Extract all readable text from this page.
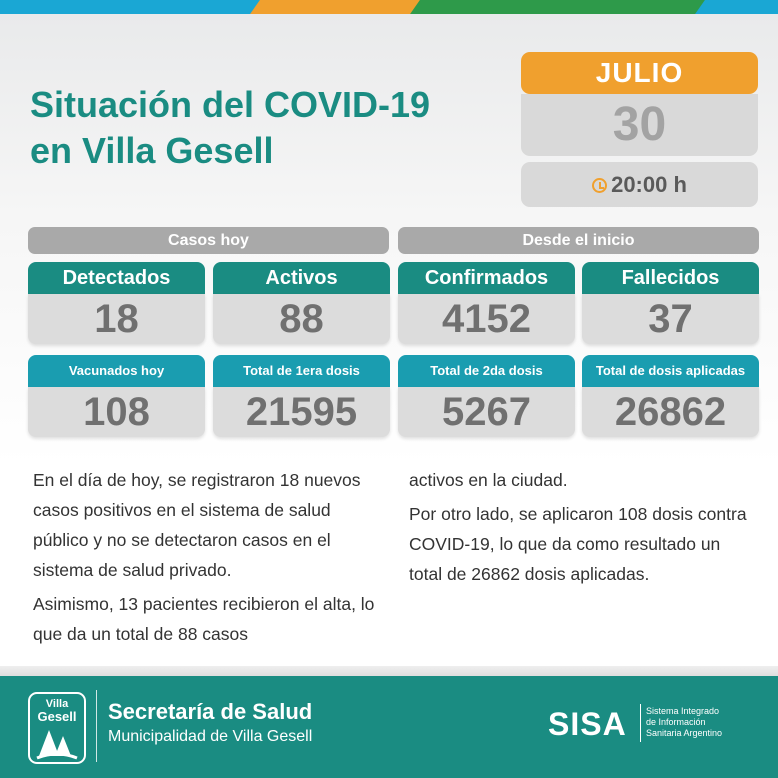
Situación del COVID-19
en Villa Gesell
JULIO
30
20:00 h
Casos hoy	Desde el inicio
Detectados
18
Activos
88
Confirmados
4152
Fallecidos
37
Vacunados hoy
108
Total de 1era dosis
21595
Total de 2da dosis
5267
Total de dosis aplicadas
26862

En el día de hoy, se registraron 18 nuevos casos positivos en el sistema de salud público y no se detectaron casos en el sistema de salud privado.

Asimismo, 13 pacientes recibieron el alta, lo que da un total de 88 casos

activos en la ciudad.

Por otro lado, se aplicaron 108 dosis contra COVID-19, lo que da como resultado un total de 26862 dosis aplicadas.

Villa
Gesell	Secretaría de Salud
Municipalidad de Villa Gesell	SISA Sistema Integrado
de Información
Sanitaria Argentino
